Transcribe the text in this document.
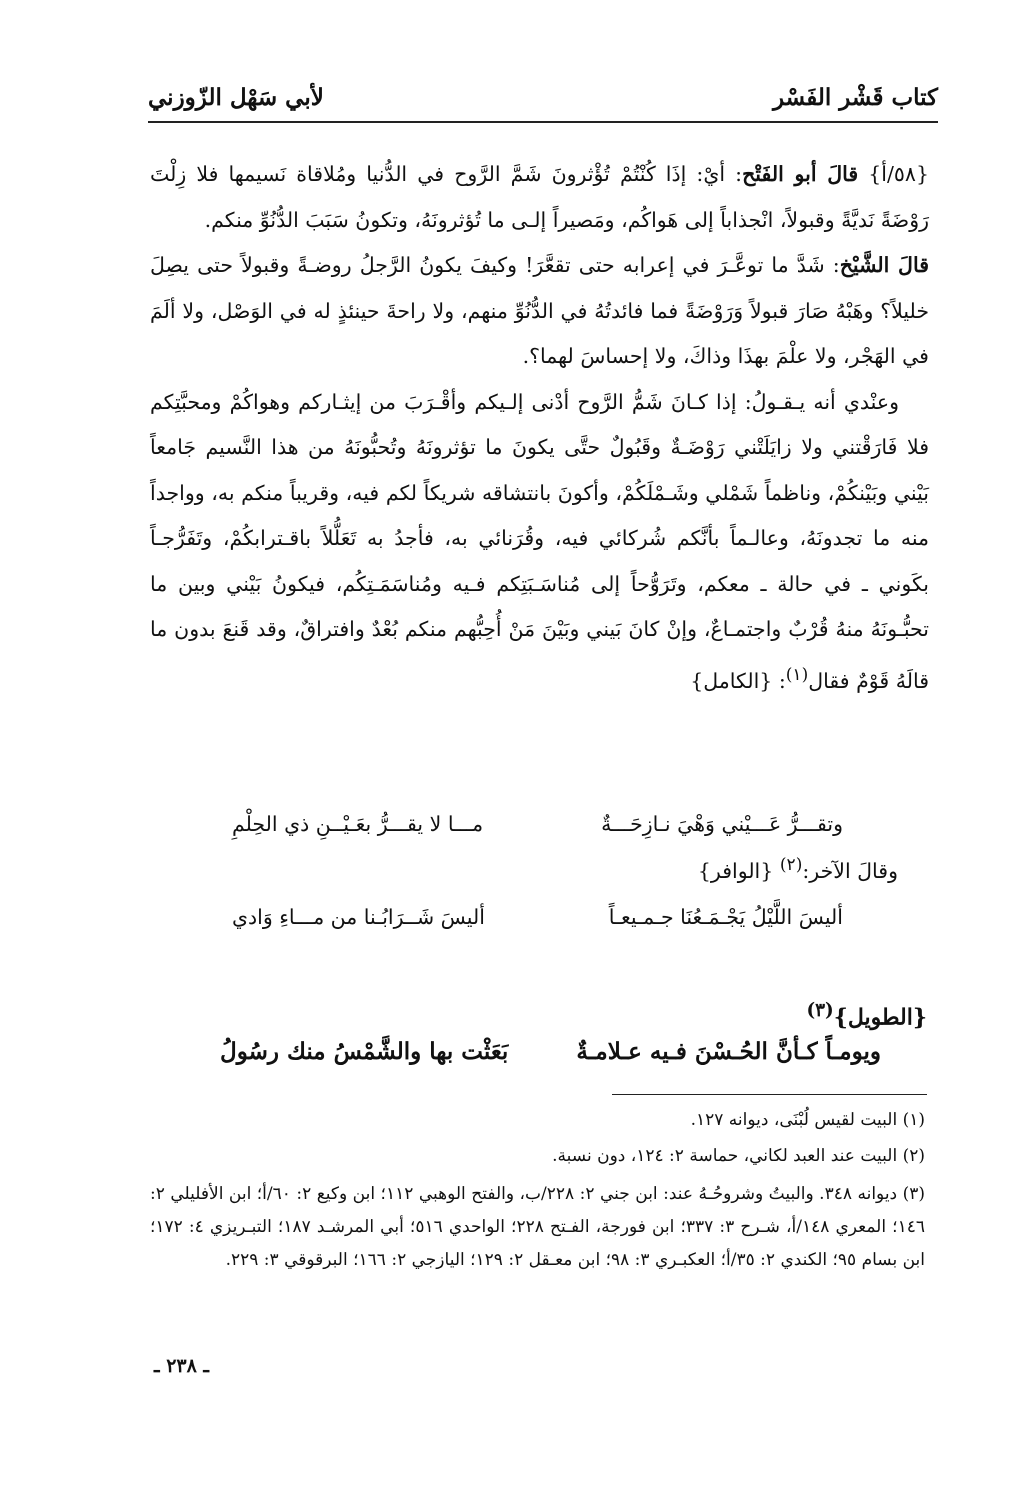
كتاب قَشْر الفَسْر
لأبي سَهْل الزّوزني

{٥٨/أ} قالَ أبو الفَتْح: أيْ: إذَا كُنْتُمْ تُؤْثرونَ شَمَّ الرَّوح في الدُّنيا ومُلاقاة نَسيمها فلا زِلْتَ رَوْضَةً نَديَّةً وقبولاً، انْجذاباً إلى هَواكُم، ومَصيراً إلـى ما تُؤثرونَهُ، وتكونُ سَبَبَ الدُّنُوِّ منكم.

قالَ الشَّيْخ: شَدَّ ما توعَّـرَ في إعرابه حتى تقعَّرَ! وكيفَ يكونُ الرَّجلُ روضـةً وقبولاً حتى يصِلَ خليلاً؟ وهَبْهُ صَارَ قبولاً وَرَوْضَةً فما فائدتُهُ في الدُّنُوِّ منهم، ولا راحةَ حينئذٍ له في الوَصْل، ولا ألَمَ في الهَجْر، ولا علْمَ بهذَا وذاكَ، ولا إحساسَ لهما؟.

وعنْدي أنه يـقـولُ: إذا كـانَ شَمُّ الرَّوح أدْنى إلـيكم وأقْـرَبَ من إيثـاركم وهواكُمْ ومحبَّتِكم فلا فَارَقْتني ولا زايَلَتْني رَوْضَـةٌ وقَبُولٌ حتَّى يكونَ ما تؤثرونَهُ وتُحبُّونَهُ من هذا النَّسيم جَامعاً بَيْني وبَيْنكُمْ، وناظماً شَمْلي وشَـمْلَكُمْ، وأكونَ بانتشاقه شريكاً لكم فيه، وقريباً منكم به، وواجداً منه ما تجدونَهُ، وعالـماً بأنَّكم شُركائي فيه، وقُرَنائي به، فأجدُ به تَعَلُّلاً باقـترابكُمْ، وتَفَرُّجـاً بكَوني ـ في حالة ـ معكم، وتَرَوُّحاً إلى مُناسَـبَتِكم فـيه ومُناسَمَـتِكُم، فيكونُ بَيْني وبين ما تحبُّـونَهُ منهُ قُرْبٌ واجتمـاعٌ، وإنْ كانَ بَيني وبَيْنَ مَنْ أُحِبُّهم منكم بُعْدٌ وافتراقٌ، وقد قَنعَ بدون ما قالَهُ قَوْمٌ فقال$^{(١)}$: {الكامل}

وتقـــرُّ عَـــيْني وَهْيَ نـازِحَـــةٌ
مـــا لا يقـــرُّ بعَـيْــنِ ذي الحِلْمِ
وقالَ الآخر:$^{(٢)}$ {الوافر}
أليسَ اللَّيْلُ يَجْـمَـعُنَا جـمـيعـاً
أليسَ شَــرَابُـنا من مـــاءِ وَادي
{الطويل}$^{(٣)}$
ويومـاً كـأنَّ الحُـسْنَ فـيه عـلامـةٌ
بَعَثْت بها والشَّمْسُ منك رسُولُ
(١) البيت لقيس لُبْنَى، ديوانه ١٢٧.
(٢) البيت عند العبد لكاني، حماسة ٢: ١٢٤، دون نسبة.
(٣) ديوانه ٣٤٨. والبيتُ وشروحُـهُ عند: ابن جني ٢: ٢٢٨/ب، والفتح الوهبي ١١٢؛ ابن وكيع ٢: ٦٠/أ؛ ابن الأفليلي ٢: ١٤٦؛ المعري ١٤٨/أ، شـرح ٣: ٣٣٧؛ ابن فورجة، الفـتح ٢٢٨؛ الواحدي ٥١٦؛ أبي المرشـد ١٨٧؛ التبـريزي ٤: ١٧٢؛ ابن بسام ٩٥؛ الكندي ٢: ٣٥/أ؛ العكبـري ٣: ٩٨؛ ابن معـقل ٢: ١٢٩؛ اليازجي ٢: ١٦٦؛ البرقوقي ٣: ٢٢٩.
ـ ٢٣٨ ـ
